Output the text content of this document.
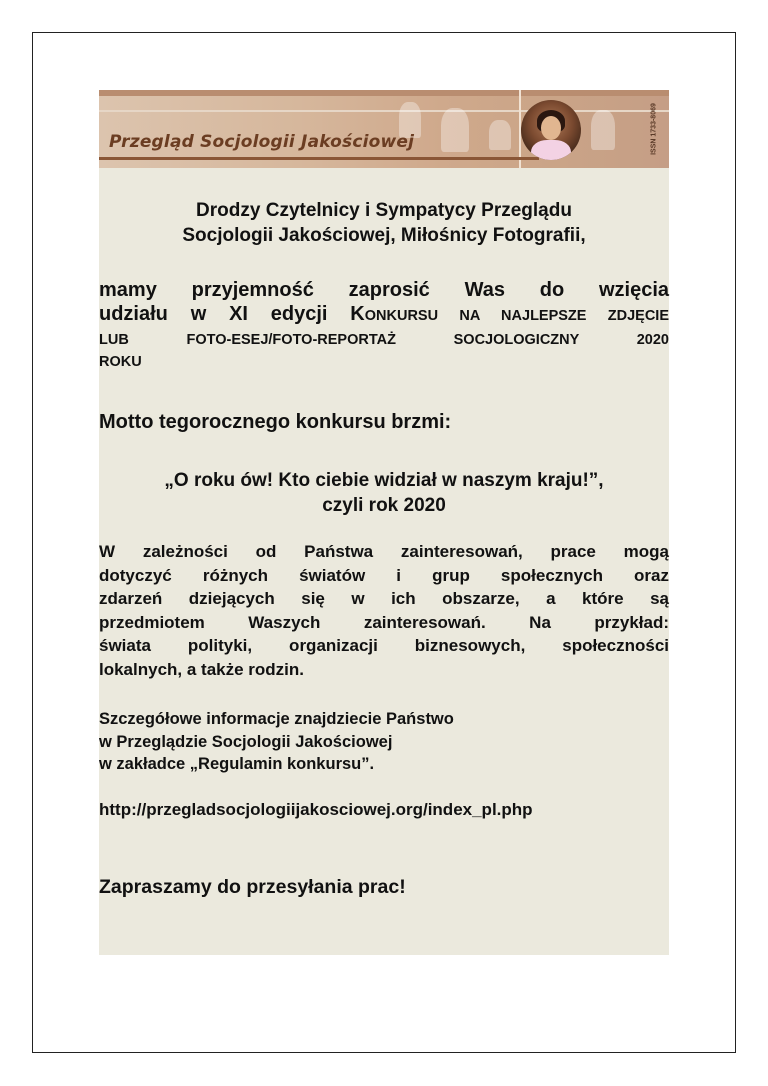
Przegląd Socjologii Jakościowej	ISSN 1733-8069
Drodzy Czytelnicy i Sympatycy Przeglądu
Socjologii Jakościowej, Miłośnicy Fotografii,
mamy przyjemność zaprosić Was do wzięcia
udziału w XI edycji KONKURSU NA NAJLEPSZE ZDJĘCIE
LUB FOTO-ESEJ/FOTO-REPORTAŻ SOCJOLOGICZNY 2020
ROKU
Motto tegorocznego konkursu brzmi:
„O roku ów! Kto ciebie widział w naszym kraju!”,
czyli rok 2020
W zależności od Państwa zainteresowań, prace mogą
dotyczyć różnych światów i grup społecznych oraz
zdarzeń dziejących się w ich obszarze, a które są
przedmiotem Waszych zainteresowań. Na przykład:
świata polityki, organizacji biznesowych, społeczności
lokalnych, a także rodzin.
Szczegółowe informacje znajdziecie Państwo
w Przeglądzie Socjologii Jakościowej
w zakładce „Regulamin konkursu”.
http://przegladsocjologiijakosciowej.org/index_pl.php
Zapraszamy do przesyłania prac!
